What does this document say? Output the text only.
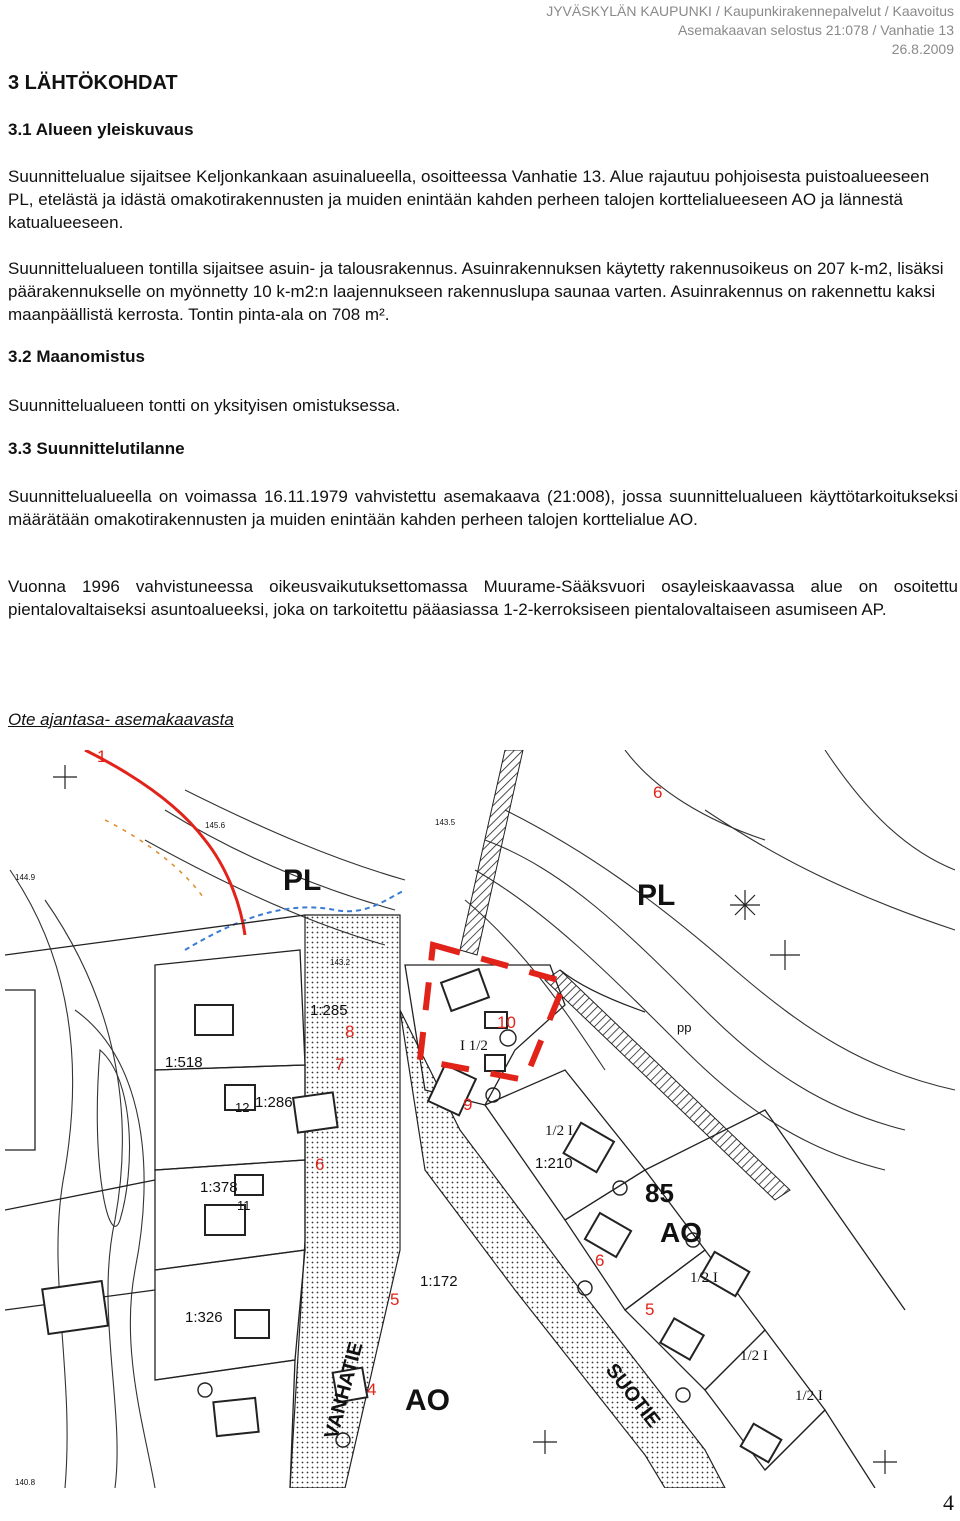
JYVÄSKYLÄN KAUPUNKI / Kaupunkirakennepalvelut / Kaavoitus
Asemakaavan selostus 21:078 / Vanhatie 13
26.8.2009
3 LÄHTÖKOHDAT
3.1 Alueen yleiskuvaus

Suunnittelualue sijaitsee Keljonkankaan asuinalueella, osoitteessa Vanhatie 13. Alue rajautuu pohjoisesta puistoalueeseen PL, etelästä ja idästä omakotirakennusten ja muiden enintään kahden perheen talojen korttelialueeseen AO ja lännestä katualueeseen.

Suunnittelualueen tontilla sijaitsee asuin- ja talousrakennus. Asuinrakennuksen käytetty rakennusoikeus on 207 k-m2, lisäksi päärakennukselle on myönnetty 10 k-m2:n laajennukseen rakennuslupa saunaa varten. Asuinrakennus on rakennettu kaksi maanpäällistä kerrosta. Tontin pinta-ala on 708 m².

3.2 Maanomistus

Suunnittelualueen tontti on yksityisen omistuksessa.

3.3 Suunnittelutilanne

Suunnittelualueella on voimassa 16.11.1979 vahvistettu asemakaava (21:008), jossa suunnittelualueen käyttötarkoitukseksi määrätään omakotirakennusten ja muiden enintään kahden perheen talojen korttelialue AO.

Vuonna 1996 vahvistuneessa oikeusvaikutuksettomassa Muurame-Sääksvuori osayleiskaavassa alue on osoitettu pientalovaltaiseksi asuntoalueeksi, joka on tarkoitettu pääasiassa 1-2-kerroksiseen pientalovaltaiseen asumiseen AP.

Ote ajantasa- asemakaavasta

PL	PL
AO
AO
85
VANHATIE	SUOTIE
1:285
1:518
1:286
1:378
1:210
1:172
1:326
I 1/2
1/2 I
1/2 I
1/2 I
1/2 I
10
8
7
9
6
6
5
5
4
1
6
12
11
pp
145.6
143.2
143.5
144.9
140.8
4
